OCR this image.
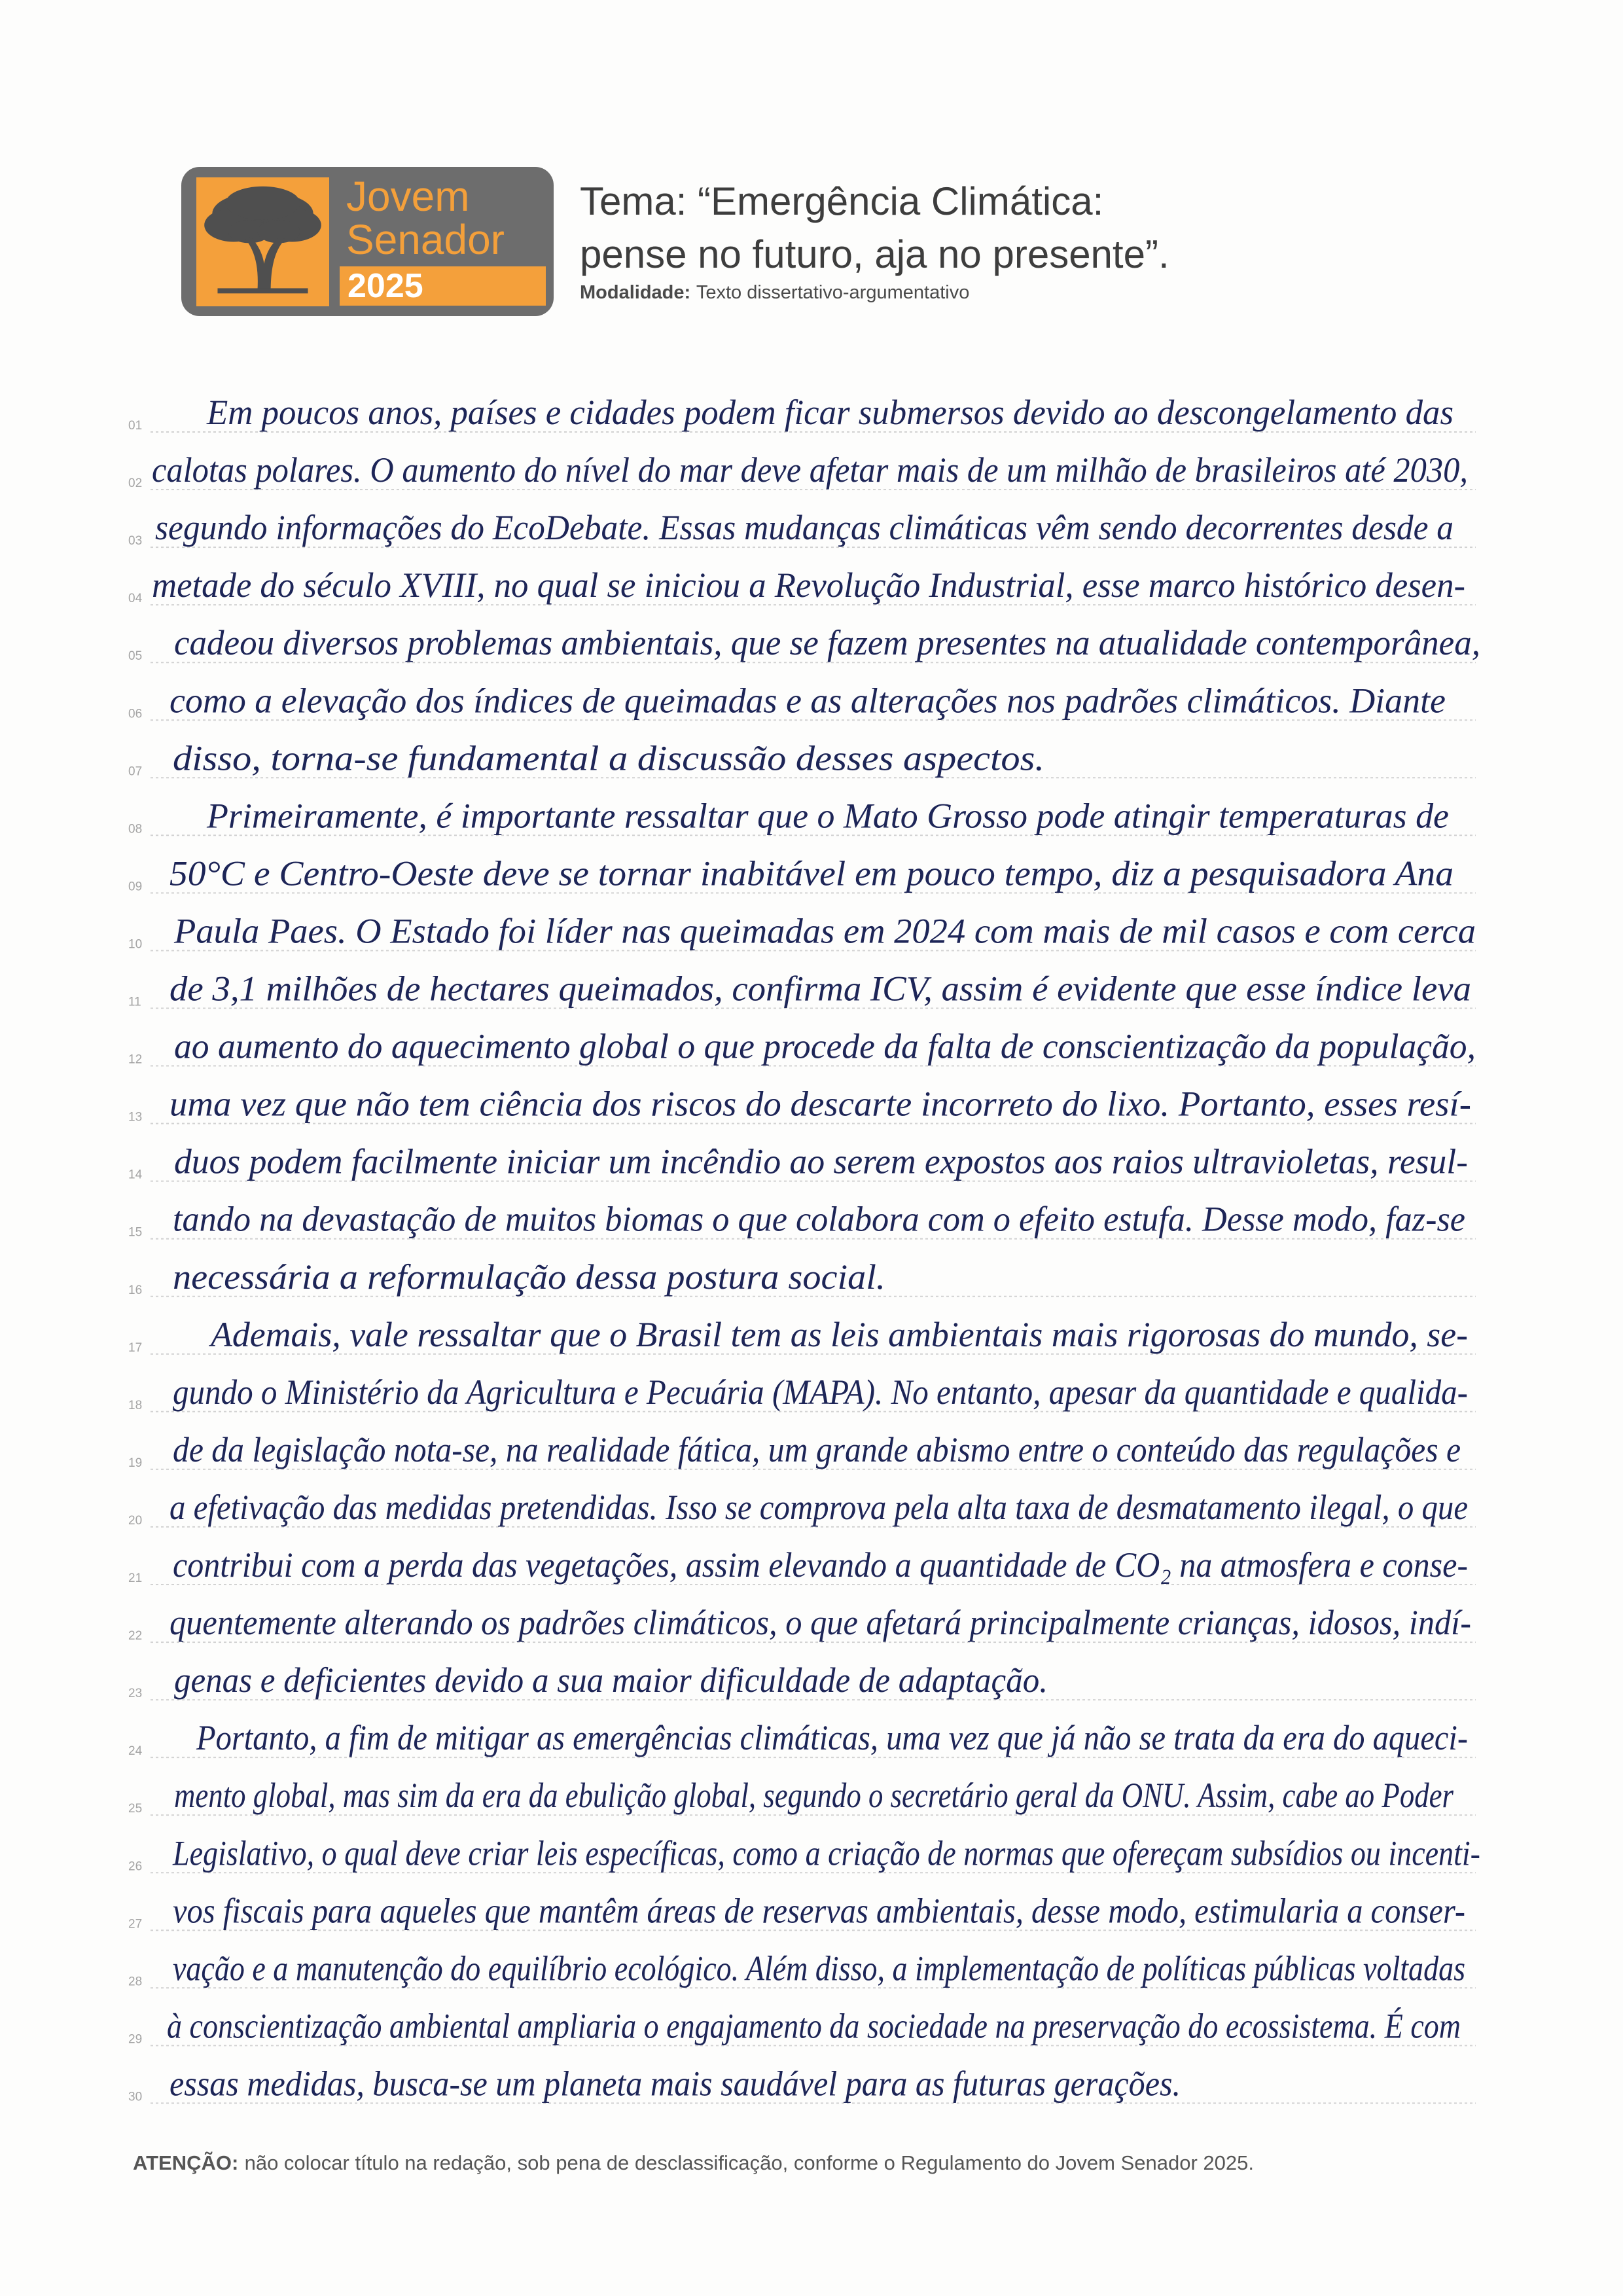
Jovem
Senador
2025
Tema: “Emergência Climática:
pense no futuro, aja no presente”.
Modalidade: Texto dissertativo-argumentativo
01 Em poucos anos, países e cidades podem ficar submersos devido ao descongelamento das
02 calotas polares. O aumento do nível do mar deve afetar mais de um milhão de brasileiros até 2030,
03 segundo informações do EcoDebate. Essas mudanças climáticas vêm sendo decorrentes desde a
04 metade do século XVIII, no qual se iniciou a Revolução Industrial, esse marco histórico desen-
05 cadeou diversos problemas ambientais, que se fazem presentes na atualidade contemporânea,
06 como a elevação dos índices de queimadas e as alterações nos padrões climáticos. Diante
07 disso, torna-se fundamental a discussão desses aspectos.
08 Primeiramente, é importante ressaltar que o Mato Grosso pode atingir temperaturas de
09 50°C e Centro-Oeste deve se tornar inabitável em pouco tempo, diz a pesquisadora Ana
10 Paula Paes. O Estado foi líder nas queimadas em 2024 com mais de mil casos e com cerca
11 de 3,1 milhões de hectares queimados, confirma ICV, assim é evidente que esse índice leva
12 ao aumento do aquecimento global o que procede da falta de conscientização da população,
13 uma vez que não tem ciência dos riscos do descarte incorreto do lixo. Portanto, esses resí-
14 duos podem facilmente iniciar um incêndio ao serem expostos aos raios ultravioletas, resul-
15 tando na devastação de muitos biomas o que colabora com o efeito estufa. Desse modo, faz-se
16 necessária a reformulação dessa postura social.
17 Ademais, vale ressaltar que o Brasil tem as leis ambientais mais rigorosas do mundo, se-
18 gundo o Ministério da Agricultura e Pecuária (MAPA). No entanto, apesar da quantidade e qualida-
19 de da legislação nota-se, na realidade fática, um grande abismo entre o conteúdo das regulações e
20 a efetivação das medidas pretendidas. Isso se comprova pela alta taxa de desmatamento ilegal, o que
21 contribui com a perda das vegetações, assim elevando a quantidade de CO₂ na atmosfera e conse-
22 quentemente alterando os padrões climáticos, o que afetará principalmente crianças, idosos, indí-
23 genas e deficientes devido a sua maior dificuldade de adaptação.
24 Portanto, a fim de mitigar as emergências climáticas, uma vez que já não se trata da era do aqueci-
25 mento global, mas sim da era da ebulição global, segundo o secretário geral da ONU. Assim, cabe ao Poder
26 Legislativo, o qual deve criar leis específicas, como a criação de normas que ofereçam subsídios ou incenti-
27 vos fiscais para aqueles que mantêm áreas de reservas ambientais, desse modo, estimularia a conser-
28 vação e a manutenção do equilíbrio ecológico. Além disso, a implementação de políticas públicas voltadas
29 à conscientização ambiental ampliaria o engajamento da sociedade na preservação do ecossistema. É com
30 essas medidas, busca-se um planeta mais saudável para as futuras gerações.
ATENÇÃO: não colocar título na redação, sob pena de desclassificação, conforme o Regulamento do Jovem Senador 2025.
